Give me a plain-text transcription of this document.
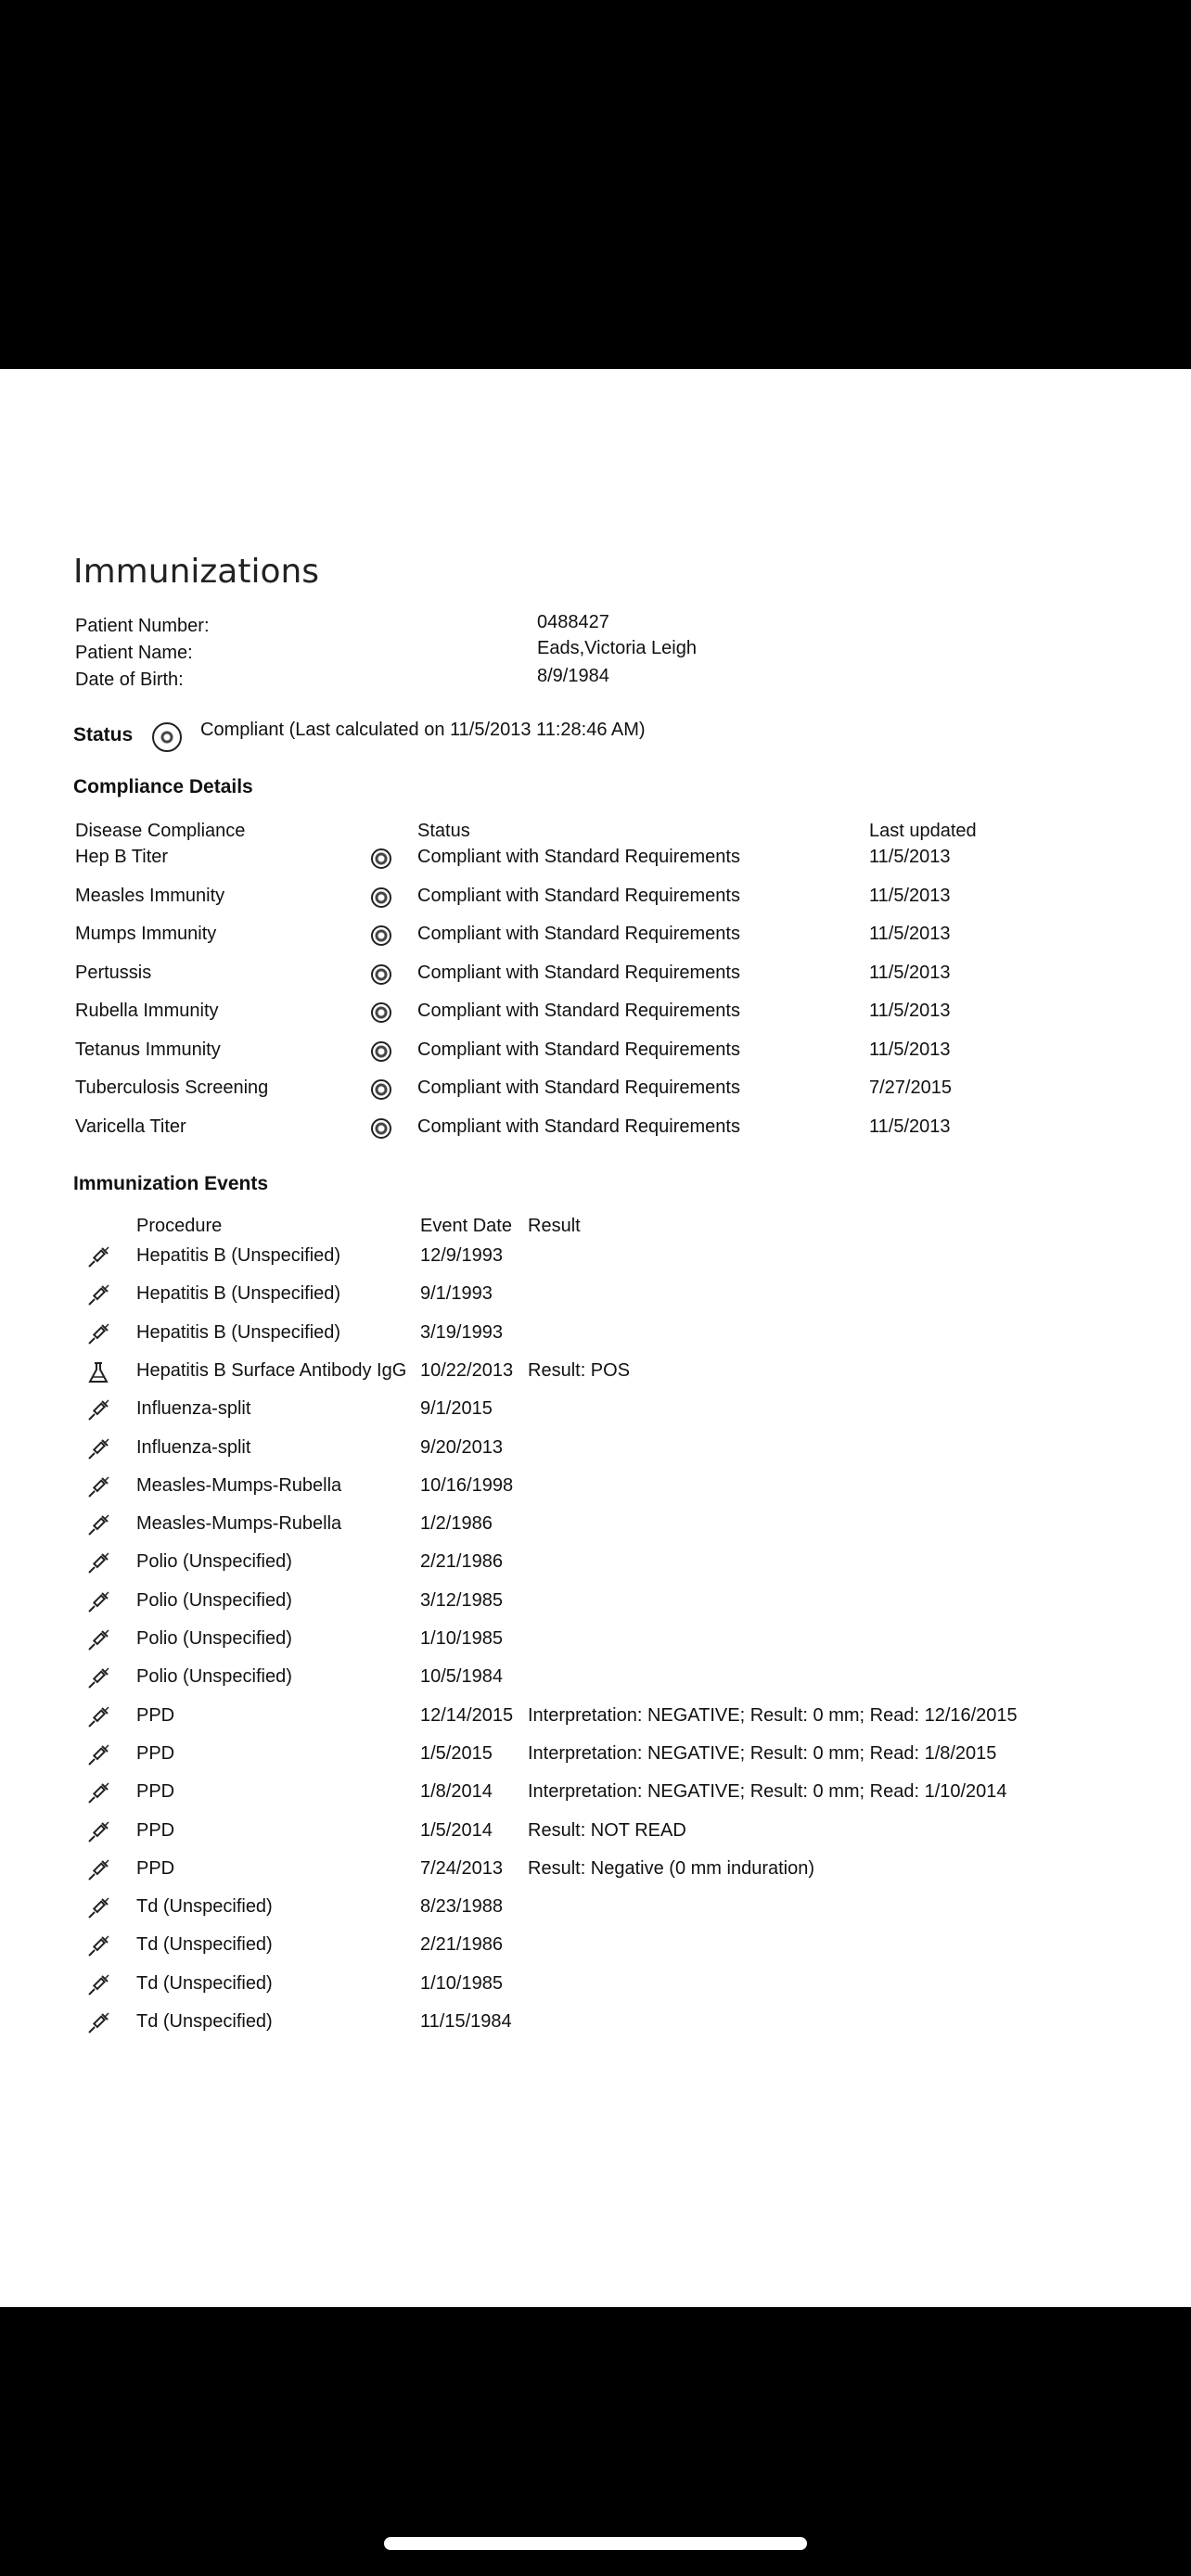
Immunizations
Patient Number:	0488427
Patient Name:	Eads,Victoria Leigh
Date of Birth:	8/9/1984
Status	Compliant (Last calculated on 11/5/2013 11:28:46 AM)
Compliance Details
Disease Compliance	Status	Last updated
Hep B Titer	Compliant with Standard Requirements	11/5/2013
Measles Immunity	Compliant with Standard Requirements	11/5/2013
Mumps Immunity	Compliant with Standard Requirements	11/5/2013
Pertussis	Compliant with Standard Requirements	11/5/2013
Rubella Immunity	Compliant with Standard Requirements	11/5/2013
Tetanus Immunity	Compliant with Standard Requirements	11/5/2013
Tuberculosis Screening	Compliant with Standard Requirements	7/27/2015
Varicella Titer	Compliant with Standard Requirements	11/5/2013
Immunization Events
Procedure	Event Date Result
Hepatitis B (Unspecified)	12/9/1993
Hepatitis B (Unspecified)	9/1/1993
Hepatitis B (Unspecified)	3/19/1993
Hepatitis B Surface Antibody IgG 10/22/2013 Result: POS
Influenza-split	9/1/2015
Influenza-split	9/20/2013
Measles-Mumps-Rubella	10/16/1998
Measles-Mumps-Rubella	1/2/1986
Polio (Unspecified)	2/21/1986
Polio (Unspecified)	3/12/1985
Polio (Unspecified)	1/10/1985
Polio (Unspecified)	10/5/1984
PPD	12/14/2015 Interpretation: NEGATIVE; Result: 0 mm; Read: 12/16/2015
PPD	1/5/2015 Interpretation: NEGATIVE; Result: 0 mm; Read: 1/8/2015
PPD	1/8/2014 Interpretation: NEGATIVE; Result: 0 mm; Read: 1/10/2014
PPD	1/5/2014 Result: NOT READ
PPD	7/24/2013 Result: Negative (0 mm induration)
Td (Unspecified)	8/23/1988
Td (Unspecified)	2/21/1986
Td (Unspecified)	1/10/1985
Td (Unspecified)	11/15/1984
